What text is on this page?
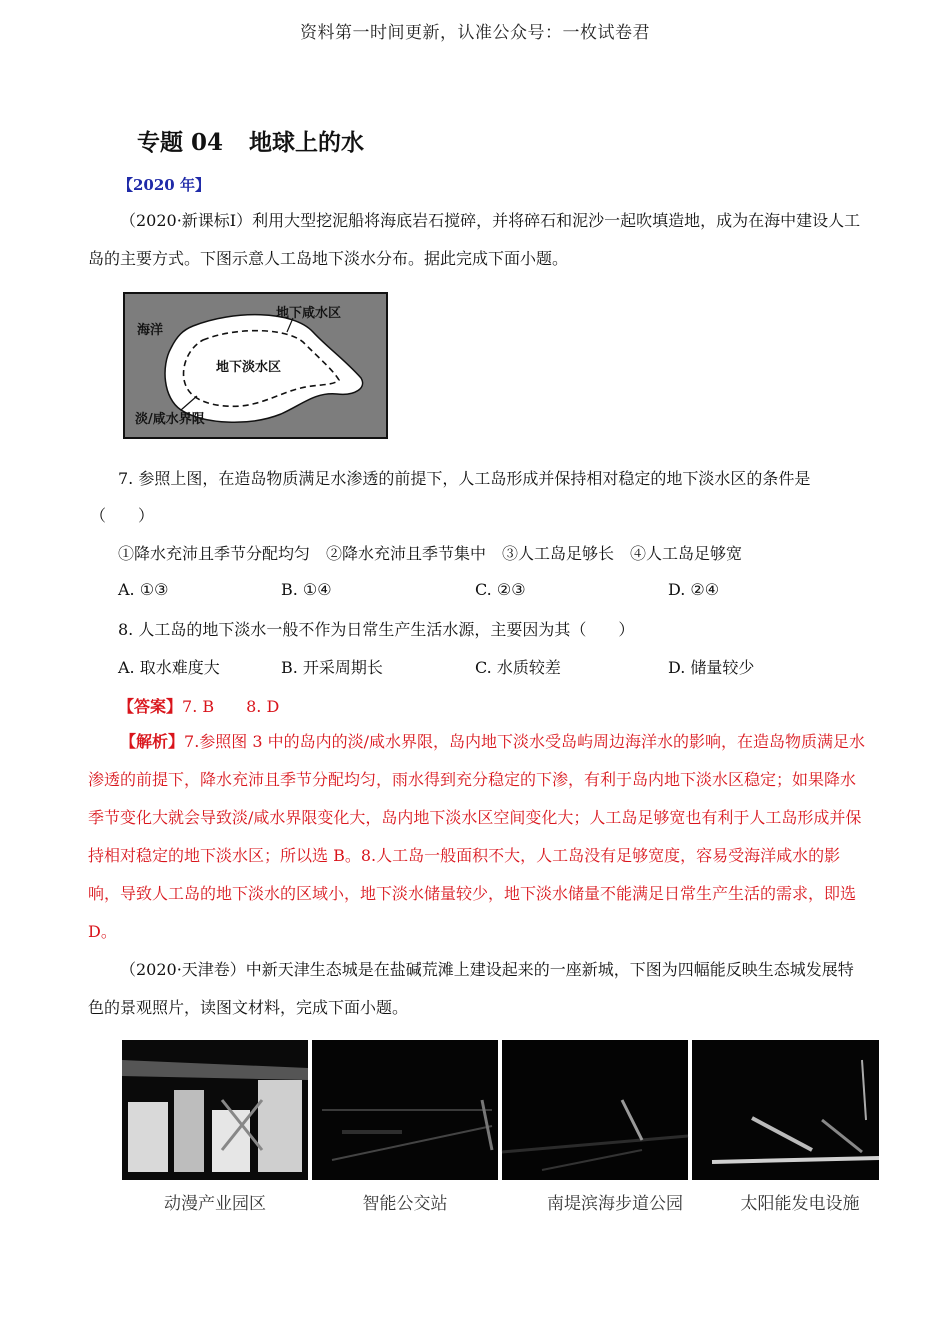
资料第一时间更新，认准公众号：一枚试卷君
专题 04 地球上的水
【2020 年】
（2020·新课标I）利用大型挖泥船将海底岩石搅碎，并将碎石和泥沙一起吹填造地，成为在海中建设人工岛的主要方式。下图示意人工岛地下淡水分布。据此完成下面小题。
海洋
地下咸水区
地下淡水区
淡/咸水界限
7. 参照上图，在造岛物质满足水渗透的前提下，人工岛形成并保持相对稳定的地下淡水区的条件是
（　　）
①降水充沛且季节分配均匀　②降水充沛且季节集中　③人工岛足够长　④人工岛足够宽
A. ①③	B. ①④	C. ②③	D. ②④
8. 人工岛的地下淡水一般不作为日常生产生活水源，主要因为其（　　）
A. 取水难度大	B. 开采周期长	C. 水质较差	D. 储量较少
【答案】7. B　　8. D
【解析】7.参照图 3 中的岛内的淡/咸水界限，岛内地下淡水受岛屿周边海洋水的影响，在造岛物质满足水渗透的前提下，降水充沛且季节分配均匀，雨水得到充分稳定的下渗，有利于岛内地下淡水区稳定；如果降水季节变化大就会导致淡/咸水界限变化大，岛内地下淡水区空间变化大；人工岛足够宽也有利于人工岛形成并保持相对稳定的地下淡水区；所以选 B。8.人工岛一般面积不大，人工岛没有足够宽度，容易受海洋咸水的影响，导致人工岛的地下淡水的区域小，地下淡水储量较少，地下淡水储量不能满足日常生产生活的需求，即选 D。
（2020·天津卷）中新天津生态城是在盐碱荒滩上建设起来的一座新城，下图为四幅能反映生态城发展特色的景观照片，读图文材料，完成下面小题。
动漫产业园区	智能公交站	南堤滨海步道公园	太阳能发电设施
